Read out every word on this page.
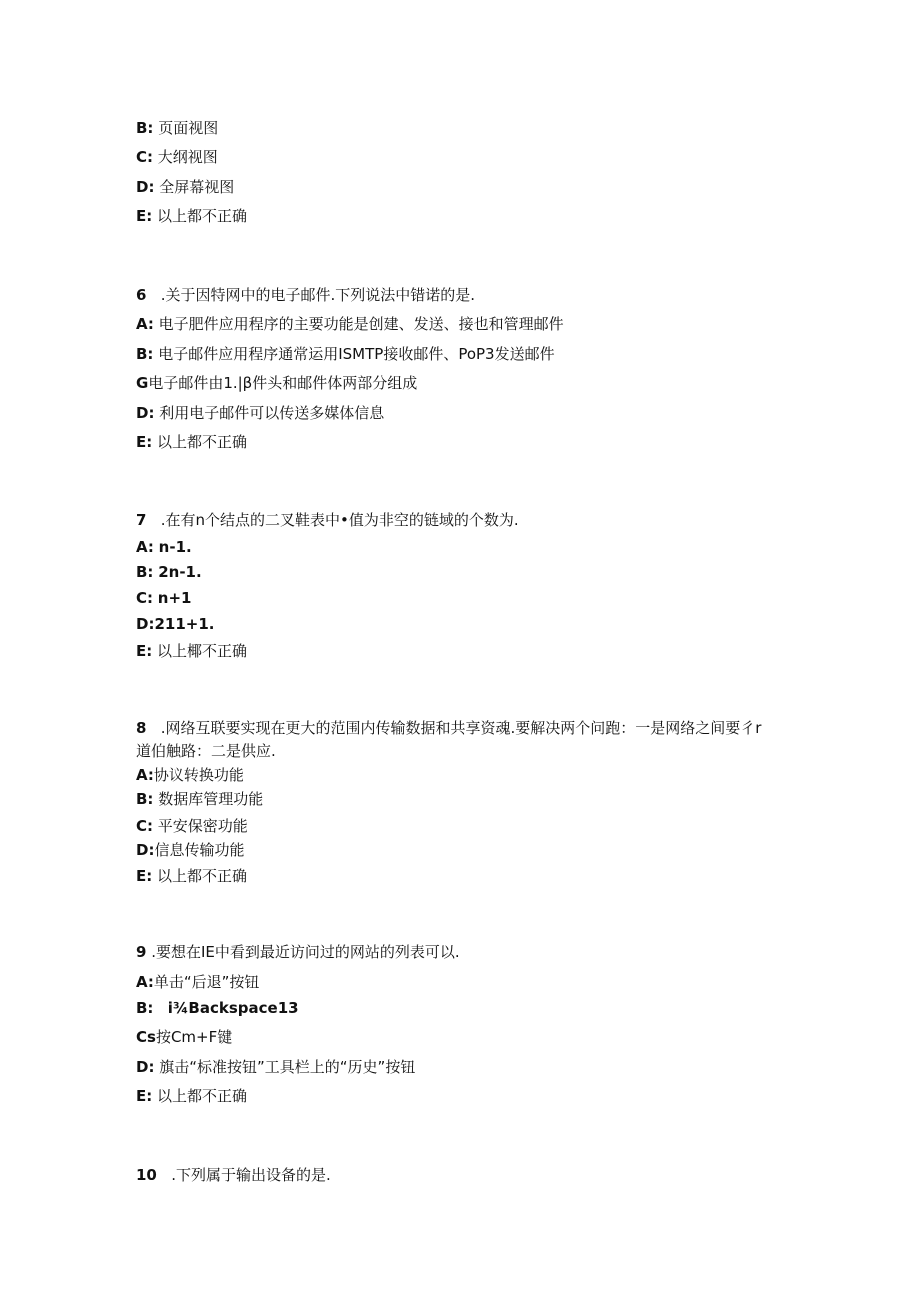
B: 页面视图
C: 大纲视图
D: 全屏幕视图
E: 以上都不正确
6 .关于因特网中的电子邮件.下列说法中错诺的是.
A: 电子肥件应用程序的主要功能是创建、发送、接也和管理邮件
B: 电子邮件应用程序通常运用ISMTP接收邮件、PoP3发送邮件
G电子邮件由1.|β件头和邮件体两部分组成
D: 利用电子邮件可以传送多媒体信息
E: 以上都不正确
7 .在有n个结点的二叉鞋表中•值为非空的链域的个数为.
A: n-1.
B: 2n-1.
C: n+1
D:211+1.
E: 以上椰不正确
8 .网络互联要实现在更大的范围内传输数据和共享资魂.要解决两个问跑：一是网络之间要彳r
道伯触路：二是供应.
A:协议转换功能
B: 数据库管理功能
C: 平安保密功能
D:信息传输功能
E: 以上都不正确
9 .要想在IE中看到最近访问过的网站的列表可以.
A:单击“后退”按钮
B: i¾Backspace13
Cs按Cm+F键
D: 旗击“标准按钮”工具栏上的“历史”按钮
E: 以上都不正确
10 .下列属于输出设备的是.
